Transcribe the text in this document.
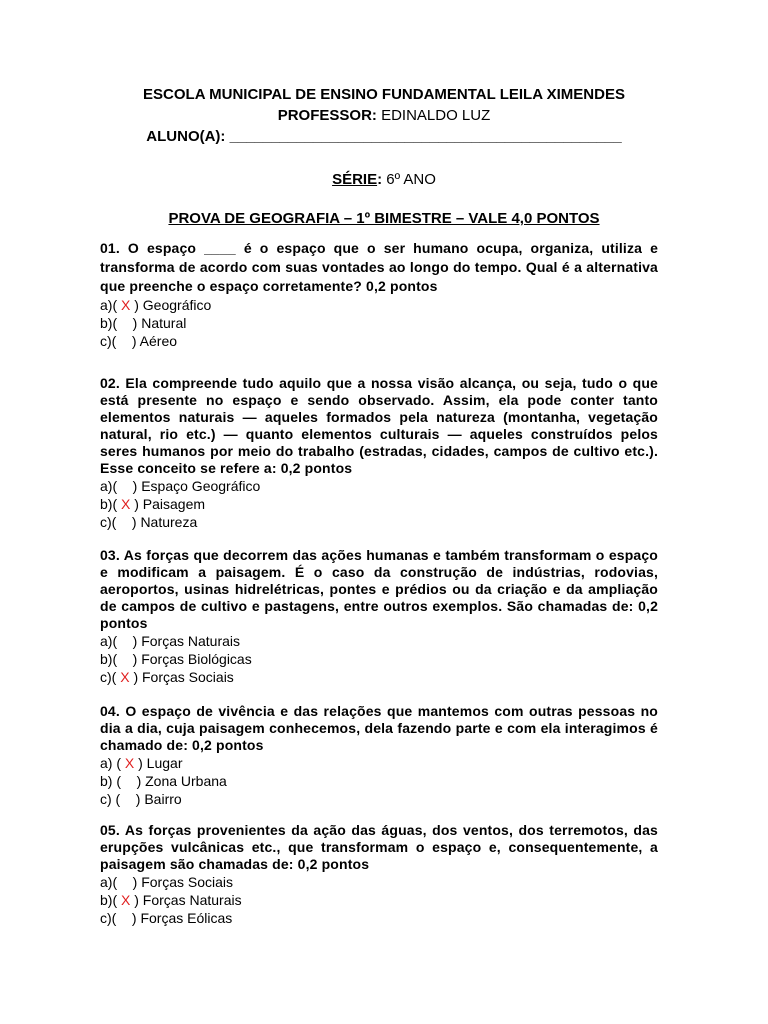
ESCOLA MUNICIPAL DE ENSINO FUNDAMENTAL LEILA XIMENDES
PROFESSOR: EDINALDO LUZ
ALUNO(A): _______________________________________________
SÉRIE: 6º ANO
PROVA DE GEOGRAFIA – 1º BIMESTRE – VALE 4,0 PONTOS
01. O espaço ____ é o espaço que o ser humano ocupa, organiza, utiliza e transforma de acordo com suas vontades ao longo do tempo. Qual é a alternativa que preenche o espaço corretamente? 0,2 pontos
a)( X ) Geográfico
b)(    ) Natural
c)(    ) Aéreo
02. Ela compreende tudo aquilo que a nossa visão alcança, ou seja, tudo o que está presente no espaço e sendo observado. Assim, ela pode conter tanto elementos naturais — aqueles formados pela natureza (montanha, vegetação natural, rio etc.) — quanto elementos culturais — aqueles construídos pelos seres humanos por meio do trabalho (estradas, cidades, campos de cultivo etc.). Esse conceito se refere a: 0,2 pontos
a)(    ) Espaço Geográfico
b)( X ) Paisagem
c)(    ) Natureza
03. As forças que decorrem das ações humanas e também transformam o espaço e modificam a paisagem. É o caso da construção de indústrias, rodovias, aeroportos, usinas hidrelétricas, pontes e prédios ou da criação e da ampliação de campos de cultivo e pastagens, entre outros exemplos. São chamadas de: 0,2 pontos
a)(    ) Forças Naturais
b)(    ) Forças Biológicas
c)( X ) Forças Sociais
04. O espaço de vivência e das relações que mantemos com outras pessoas no dia a dia, cuja paisagem conhecemos, dela fazendo parte e com ela interagimos é chamado de: 0,2 pontos
a) ( X ) Lugar
b) (    ) Zona Urbana
c) (    ) Bairro
05. As forças provenientes da ação das águas, dos ventos, dos terremotos, das erupções vulcânicas etc., que transformam o espaço e, consequentemente, a paisagem são chamadas de: 0,2 pontos
a)(    ) Forças Sociais
b)( X ) Forças Naturais
c)(    ) Forças Eólicas
